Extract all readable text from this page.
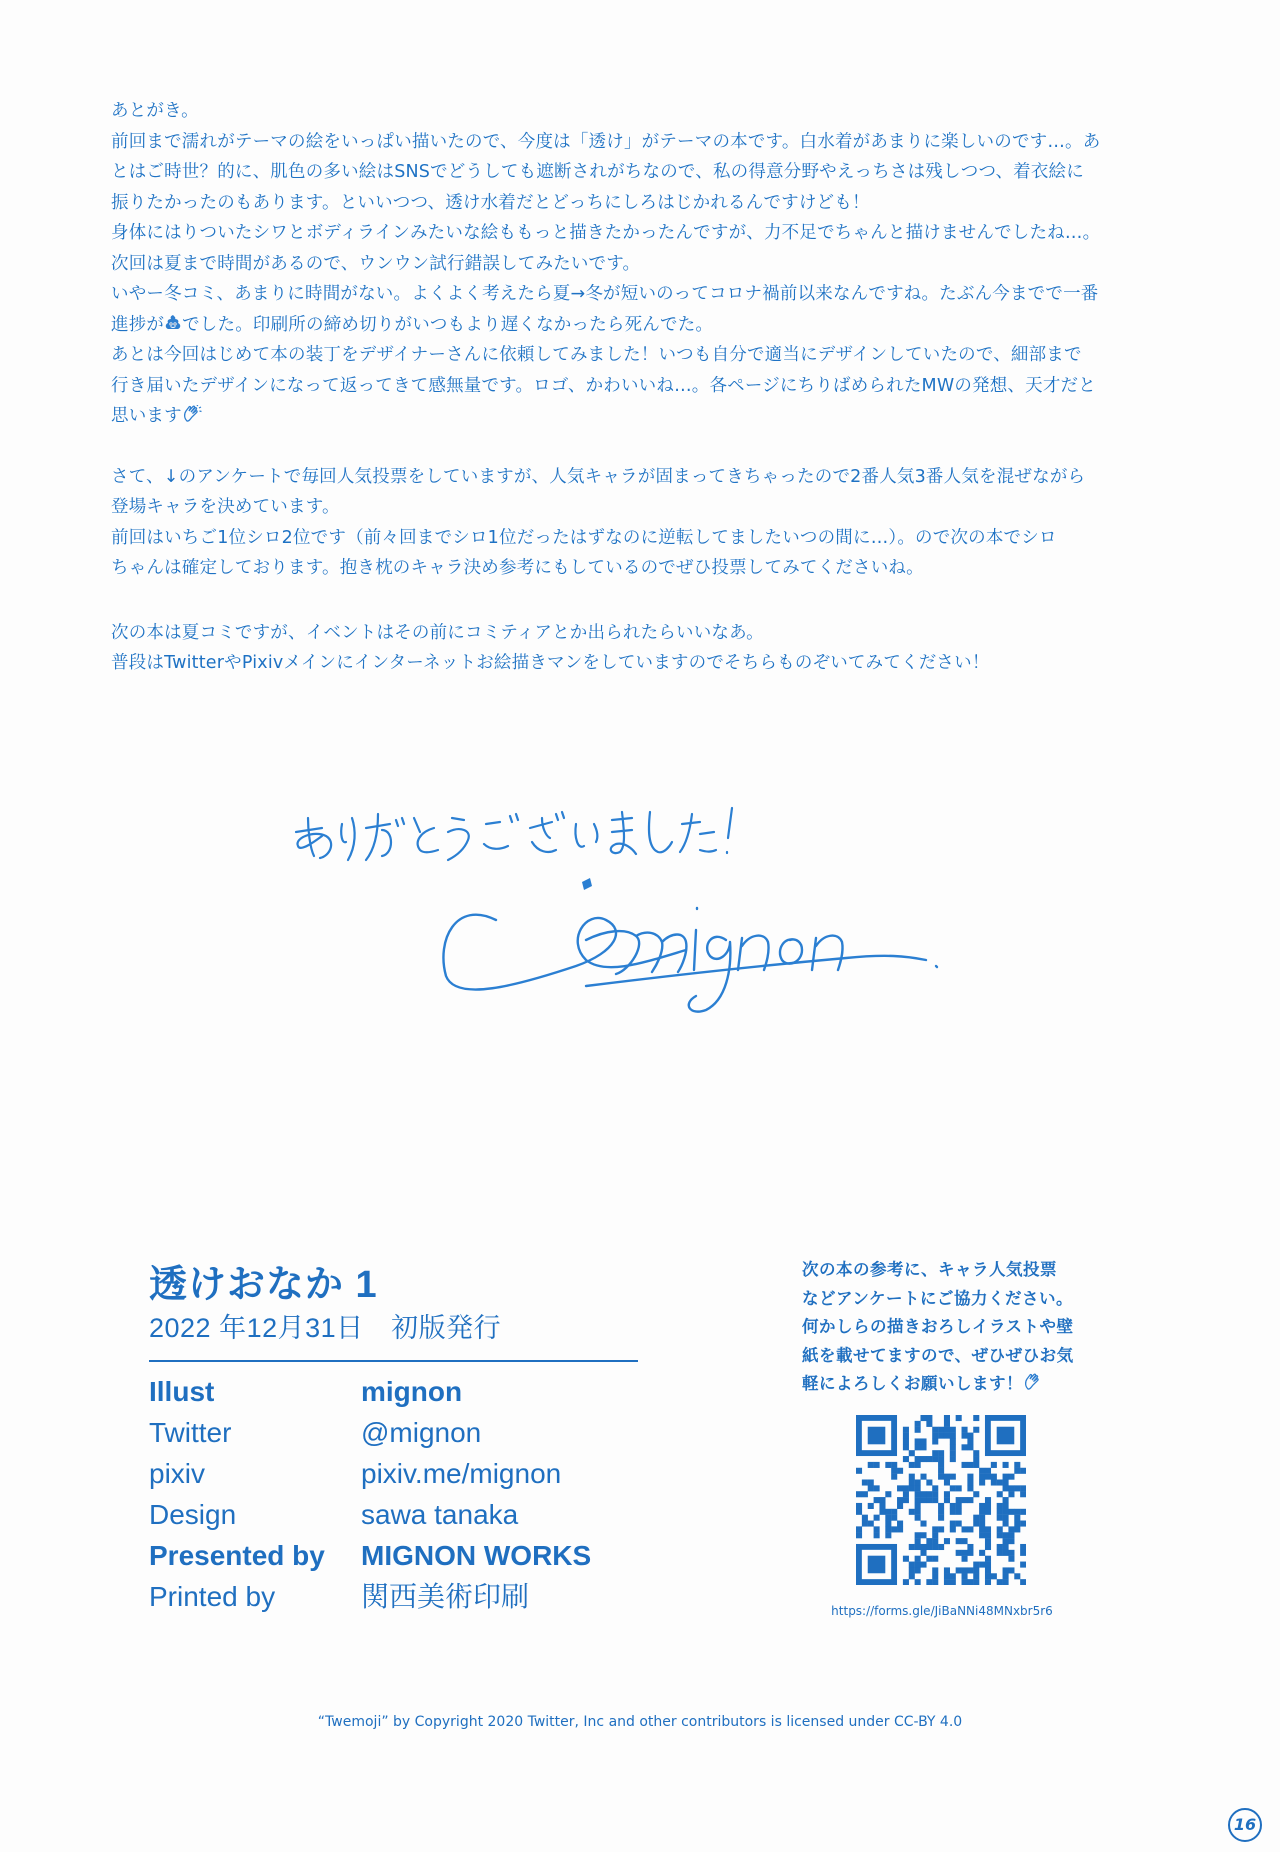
あとがき。

前回まで濡れがテーマの絵をいっぱい描いたので、今度は「透け」がテーマの本です。白水着があまりに楽しいのです…。あ

とはご時世？的に、肌色の多い絵はSNSでどうしても遮断されがちなので、私の得意分野やえっちさは残しつつ、着衣絵に

振りたかったのもあります。といいつつ、透け水着だとどっちにしろはじかれるんですけども！

身体にはりついたシワとボディラインみたいな絵ももっと描きたかったんですが、力不足でちゃんと描けませんでしたね…。

次回は夏まで時間があるので、ウンウン試行錯誤してみたいです。

いやー冬コミ、あまりに時間がない。よくよく考えたら夏→冬が短いのってコロナ禍前以来なんですね。たぶん今までで一番

進捗が でした。印刷所の締め切りがいつもより遅くなかったら死んでた。

あとは今回はじめて本の装丁をデザイナーさんに依頼してみました！いつも自分で適当にデザインしていたので、細部まで

行き届いたデザインになって返ってきて感無量です。ロゴ、かわいいね…。各ページにちりばめられたMWの発想、天才だと

思います

さて、↓のアンケートで毎回人気投票をしていますが、人気キャラが固まってきちゃったので2番人気3番人気を混ぜながら

登場キャラを決めています。

前回はいちご1位シロ2位です（前々回までシロ1位だったはずなのに逆転してましたいつの間に…）。ので次の本でシロ

ちゃんは確定しております。抱き枕のキャラ決め参考にもしているのでぜひ投票してみてくださいね。

次の本は夏コミですが、イベントはその前にコミティアとか出られたらいいなあ。

普段はTwitterやPixivメインにインターネットお絵描きマンをしていますのでそちらものぞいてみてください！

透けおなか 1

2022 年12月31日　初版発行

Illust	mignon
Twitter	@mignon
pixiv	pixiv.me/mignon
Design	sawa tanaka
Presented by	MIGNON WORKS
Printed by	関西美術印刷

次の本の参考に、キャラ人気投票

などアンケートにご協力ください。

何かしらの描きおろしイラストや壁

紙を載せてますので、ぜひぜひお気

軽によろしくお願いします！

https://forms.gle/JiBaNNi48MNxbr5r6
“Twemoji” by Copyright 2020 Twitter, Inc and other contributors is licensed under CC-BY 4.0
16
